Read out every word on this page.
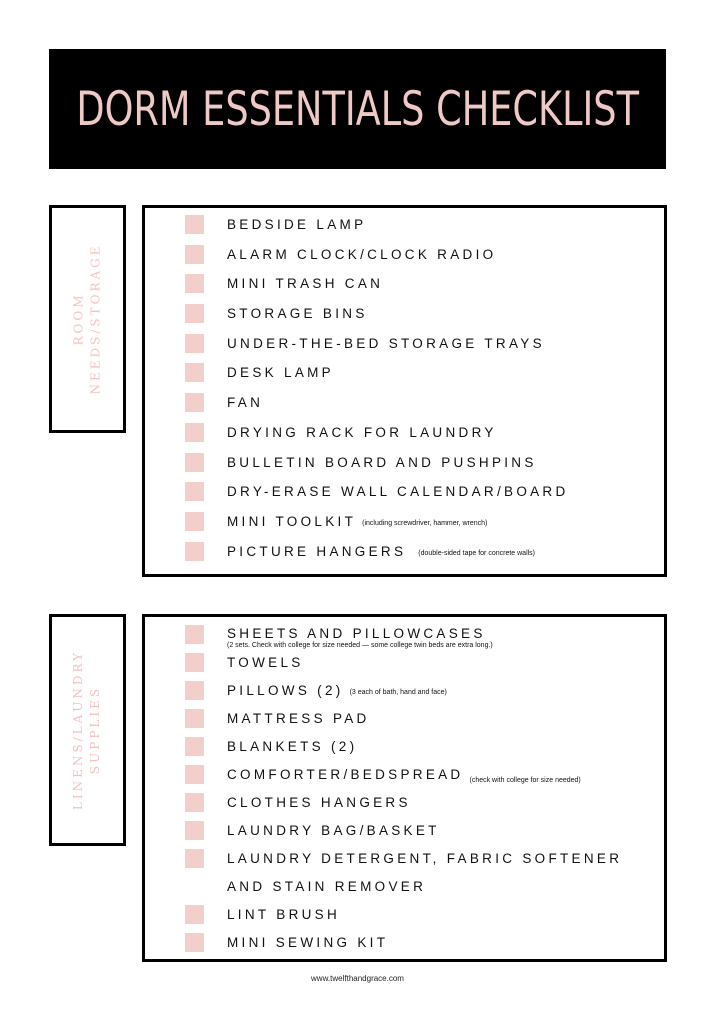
DORM ESSENTIALS CHECKLIST
ROOM NEEDS/STORAGE
BEDSIDE LAMP
ALARM CLOCK/CLOCK RADIO
MINI TRASH CAN
STORAGE BINS
UNDER-THE-BED STORAGE TRAYS
DESK LAMP
FAN
DRYING RACK FOR LAUNDRY
BULLETIN BOARD AND PUSHPINS
DRY-ERASE WALL CALENDAR/BOARD
MINI TOOLKIT (including screwdriver, hammer, wrench)
PICTURE HANGERS (double-sided tape for concrete walls)
LINENS/LAUNDRY SUPPLIES
SHEETS AND PILLOWCASES
(2 sets. Check with college for size needed — some college twin beds are extra long.)
TOWELS
PILLOWS (2) (3 each of bath, hand and face)
MATTRESS PAD
BLANKETS (2)
COMFORTER/BEDSPREAD $_{(check with college for size needed)}$
CLOTHES HANGERS
LAUNDRY BAG/BASKET
LAUNDRY DETERGENT, FABRIC SOFTENER
AND STAIN REMOVER
LINT BRUSH
MINI SEWING KIT
www.twelfthandgrace.com
